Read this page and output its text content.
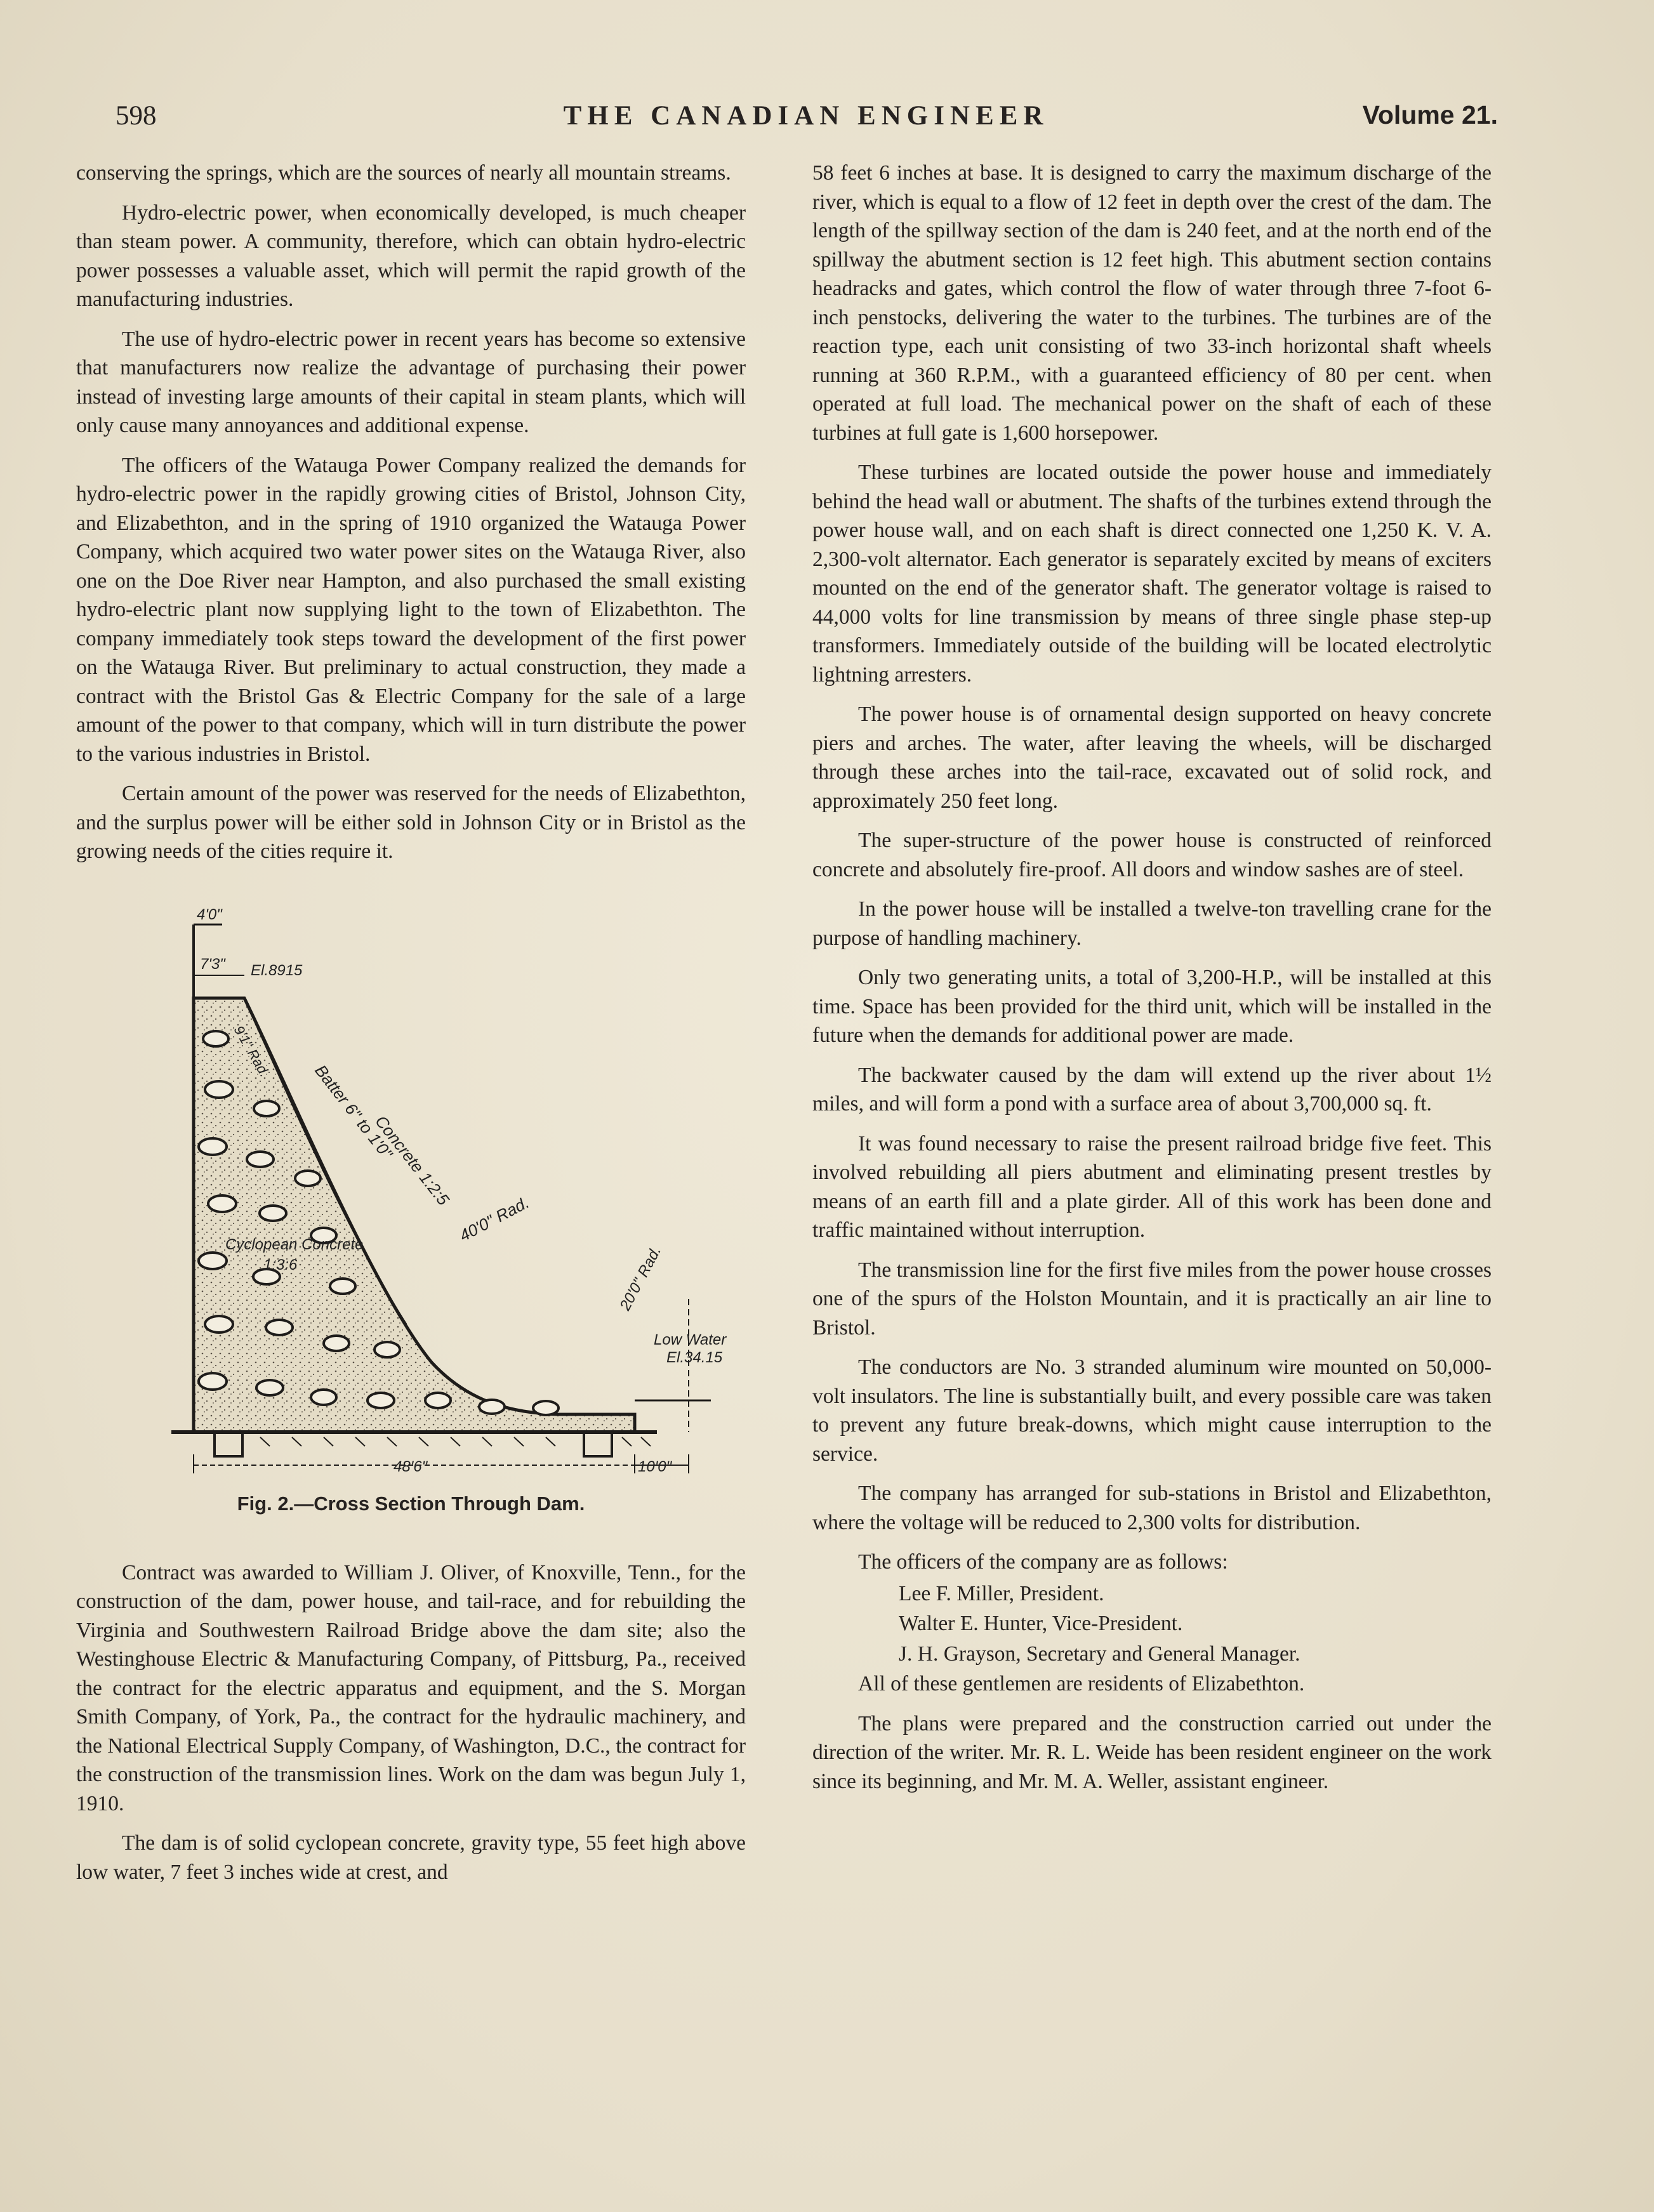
598	THE CANADIAN ENGINEER	Volume 21.

conserving the springs, which are the sources of nearly all mountain streams.

Hydro-electric power, when economically developed, is much cheaper than steam power. A community, therefore, which can obtain hydro-electric power possesses a valuable asset, which will permit the rapid growth of the manufacturing industries.

The use of hydro-electric power in recent years has become so extensive that manufacturers now realize the advantage of purchasing their power instead of investing large amounts of their capital in steam plants, which will only cause many annoyances and additional expense.

The officers of the Watauga Power Company realized the demands for hydro-electric power in the rapidly growing cities of Bristol, Johnson City, and Elizabethton, and in the spring of 1910 organized the Watauga Power Company, which acquired two water power sites on the Watauga River, also one on the Doe River near Hampton, and also purchased the small existing hydro-electric plant now supplying light to the town of Elizabethton. The company immediately took steps toward the development of the first power on the Watauga River. But preliminary to actual construction, they made a contract with the Bristol Gas & Electric Company for the sale of a large amount of the power to that company, which will in turn distribute the power to the various industries in Bristol.

Certain amount of the power was reserved for the needs of Elizabethton, and the surplus power will be either sold in Johnson City or in Bristol as the growing needs of the cities require it.

4'0"
7'3" El.8915
9'1" Rad.
Batter 6" to 1'0"
Concrete 1:2:5
40'0" Rad.
20'0" Rad.
Cyclopean Concrete
1:3:6
Low Water
El.34.15
48'6"	10'0"
Fig. 2.—Cross Section Through Dam.

Contract was awarded to William J. Oliver, of Knoxville, Tenn., for the construction of the dam, power house, and tail-race, and for rebuilding the Virginia and Southwestern Railroad Bridge above the dam site; also the Westinghouse Electric & Manufacturing Company, of Pittsburg, Pa., received the contract for the electric apparatus and equipment, and the S. Morgan Smith Company, of York, Pa., the contract for the hydraulic machinery, and the National Electrical Supply Company, of Washington, D.C., the contract for the construction of the transmission lines. Work on the dam was begun July 1, 1910.

The dam is of solid cyclopean concrete, gravity type, 55 feet high above low water, 7 feet 3 inches wide at crest, and

58 feet 6 inches at base. It is designed to carry the maximum discharge of the river, which is equal to a flow of 12 feet in depth over the crest of the dam. The length of the spillway section of the dam is 240 feet, and at the north end of the spillway the abutment section is 12 feet high. This abutment section contains headracks and gates, which control the flow of water through three 7-foot 6-inch penstocks, delivering the water to the turbines. The turbines are of the reaction type, each unit consisting of two 33-inch horizontal shaft wheels running at 360 R.P.M., with a guaranteed efficiency of 80 per cent. when operated at full load. The mechanical power on the shaft of each of these turbines at full gate is 1,600 horsepower.

These turbines are located outside the power house and immediately behind the head wall or abutment. The shafts of the turbines extend through the power house wall, and on each shaft is direct connected one 1,250 K. V. A. 2,300-volt alternator. Each generator is separately excited by means of exciters mounted on the end of the generator shaft. The generator voltage is raised to 44,000 volts for line transmission by means of three single phase step-up transformers. Immediately outside of the building will be located electrolytic lightning arresters.

The power house is of ornamental design supported on heavy concrete piers and arches. The water, after leaving the wheels, will be discharged through these arches into the tail-race, excavated out of solid rock, and approximately 250 feet long.

The super-structure of the power house is constructed of reinforced concrete and absolutely fire-proof. All doors and window sashes are of steel.

In the power house will be installed a twelve-ton travelling crane for the purpose of handling machinery.

Only two generating units, a total of 3,200-H.P., will be installed at this time. Space has been provided for the third unit, which will be installed in the future when the demands for additional power are made.

The backwater caused by the dam will extend up the river about 1½ miles, and will form a pond with a surface area of about 3,700,000 sq. ft.

It was found necessary to raise the present railroad bridge five feet. This involved rebuilding all piers abutment and eliminating present trestles by means of an earth fill and a plate girder. All of this work has been done and traffic maintained without interruption.

The transmission line for the first five miles from the power house crosses one of the spurs of the Holston Mountain, and it is practically an air line to Bristol.

The conductors are No. 3 stranded aluminum wire mounted on 50,000-volt insulators. The line is substantially built, and every possible care was taken to prevent any future break-downs, which might cause interruption to the service.

The company has arranged for sub-stations in Bristol and Elizabethton, where the voltage will be reduced to 2,300 volts for distribution.

The officers of the company are as follows:

Lee F. Miller, President.

Walter E. Hunter, Vice-President.

J. H. Grayson, Secretary and General Manager.

All of these gentlemen are residents of Elizabethton.

The plans were prepared and the construction carried out under the direction of the writer. Mr. R. L. Weide has been resident engineer on the work since its beginning, and Mr. M. A. Weller, assistant engineer.
